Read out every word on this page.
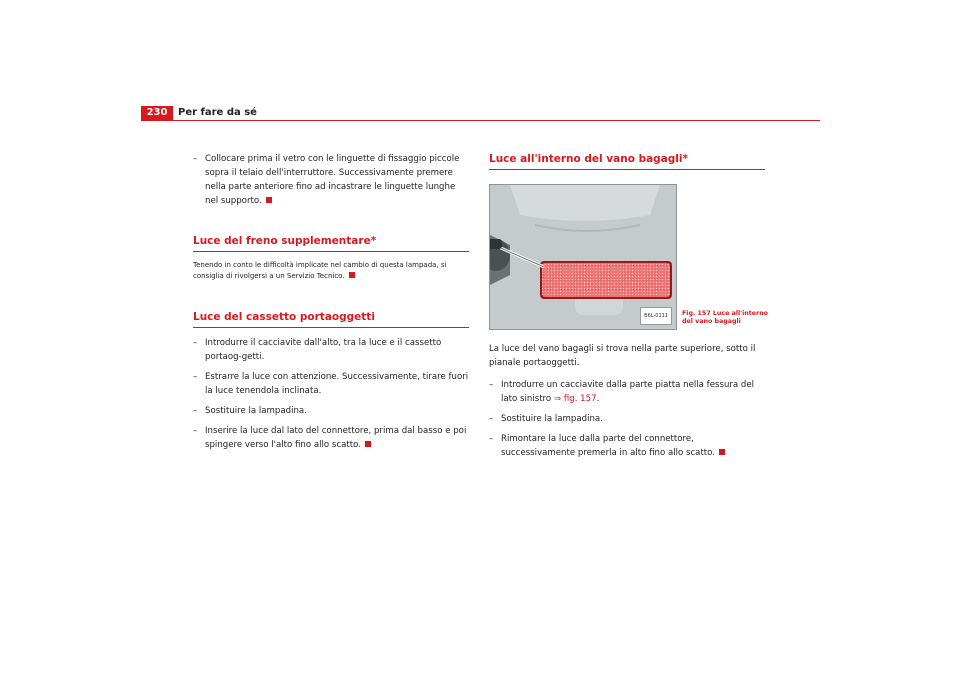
230	Per fare da sé
– Collocare prima il vetro con le linguette di fissaggio piccole sopra il telaio dell'interruttore. Successivamente premere nella parte anteriore fino ad incastrare le linguette lunghe nel supporto.
Luce del freno supplementare*
Tenendo in conto le difficoltà implicate nel cambio di questa lampada, si consiglia di rivolgersi a un Servizio Tecnico.
Luce del cassetto portaoggetti
– Introdurre il cacciavite dall'alto, tra la luce e il cassetto portaog-getti.
– Estrarre la luce con attenzione. Successivamente, tirare fuori la luce tenendola inclinata.
– Sostituire la lampadina.
– Inserire la luce dal lato del connettore, prima dal basso e poi spingere verso l'alto fino allo scatto.
Luce all'interno del vano bagagli*
B6L-0111
La luce del vano bagagli si trova nella parte superiore, sotto il pianale portaoggetti.
– Introdurre un cacciavite dalla parte piatta nella fessura del lato sinistro ⇒ fig. 157.
– Sostituire la lampadina.
– Rimontare la luce dalla parte del connettore, successivamente premerla in alto fino allo scatto.
Fig. 157 Luce all'interno
del vano bagagli
